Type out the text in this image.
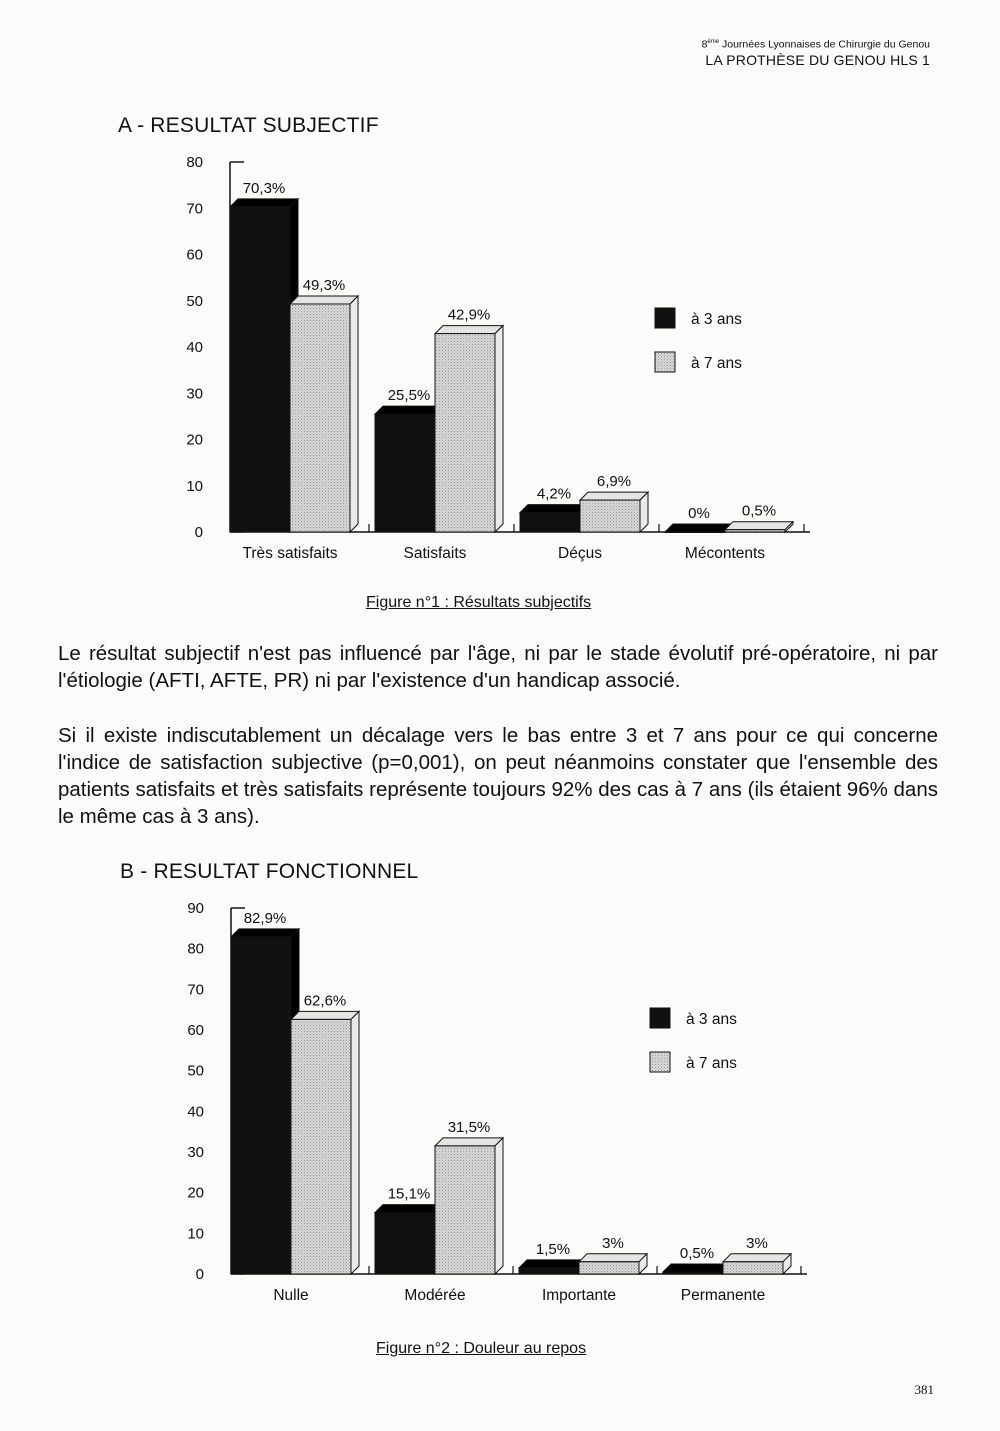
8ème Journées Lyonnaises de Chirurgie du Genou
LA PROTHÈSE DU GENOU HLS 1
A - RESULTAT SUBJECTIF
0
10
20
30
40
50
60
70
80
70,3%
49,3%
Très satisfaits
25,5%
42,9%
Satisfaits
4,2%
6,9%
Déçus
0% 0,5%
Mécontents
à 3 ans
à 7 ans
Figure n°1 : Résultats subjectifs

Le résultat subjectif n'est pas influencé par l'âge, ni par le stade évolutif pré-opératoire, ni par l'étiologie (AFTI, AFTE, PR) ni par l'existence d'un handicap associé.

Si il existe indiscutablement un décalage vers le bas entre 3 et 7 ans pour ce qui concerne l'indice de satisfaction subjective (p=0,001), on peut néanmoins constater que l'ensemble des patients satisfaits et très satisfaits représente toujours 92% des cas à 7 ans (ils étaient 96% dans le même cas à 3 ans).

B - RESULTAT FONCTIONNEL
0
10
20
30
40
50
60
70
80
90
82,9%
62,6%
Nulle
15,1%
31,5%
Modérée
1,5% 3%
Importante
0,5%
3%
Permanente
à 3 ans
à 7 ans
Figure n°2 : Douleur au repos
381
